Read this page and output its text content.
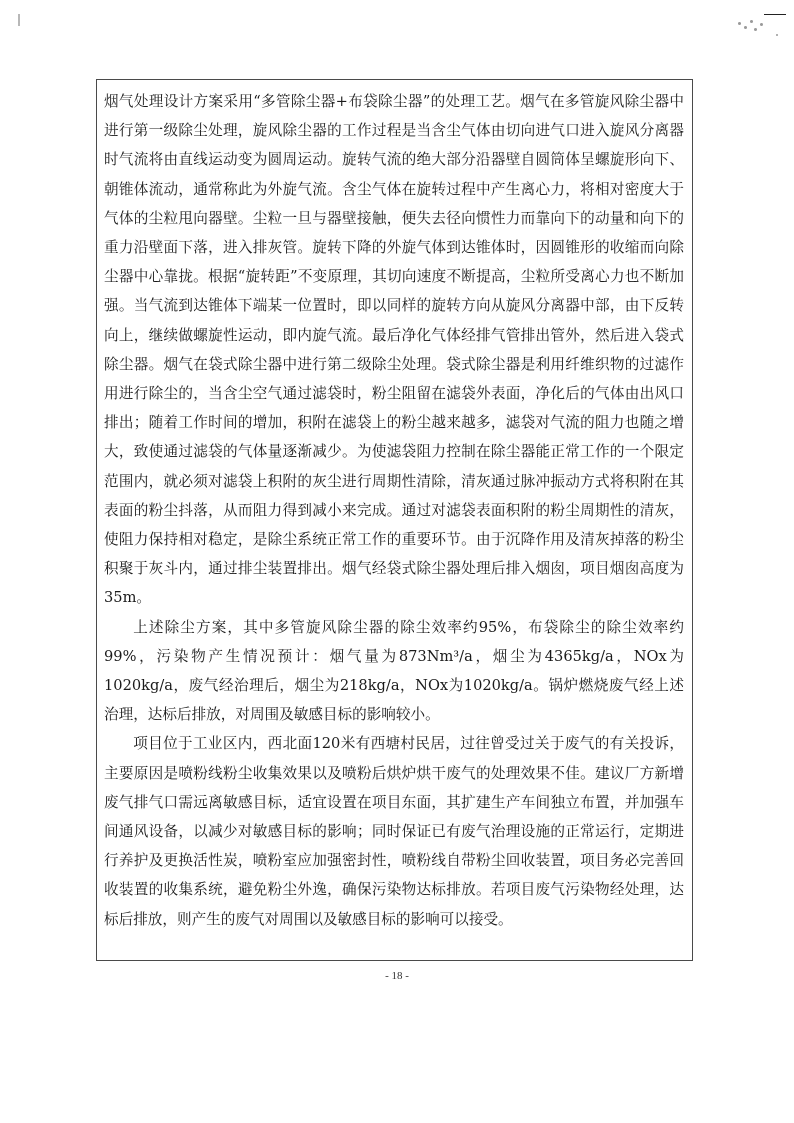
烟气处理设计方案采用“多管除尘器+布袋除尘器”的处理工艺。烟气在多管旋风除尘器中进行第一级除尘处理，旋风除尘器的工作过程是当含尘气体由切向进气口进入旋风分离器时气流将由直线运动变为圆周运动。旋转气流的绝大部分沿器壁自圆筒体呈螺旋形向下、朝锥体流动，通常称此为外旋气流。含尘气体在旋转过程中产生离心力，将相对密度大于气体的尘粒甩向器壁。尘粒一旦与器壁接触，便失去径向惯性力而靠向下的动量和向下的重力沿壁面下落，进入排灰管。旋转下降的外旋气体到达锥体时，因圆锥形的收缩而向除尘器中心靠拢。根据“旋转距”不变原理，其切向速度不断提高，尘粒所受离心力也不断加强。当气流到达锥体下端某一位置时，即以同样的旋转方向从旋风分离器中部，由下反转向上，继续做螺旋性运动，即内旋气流。最后净化气体经排气管排出管外，然后进入袋式除尘器。烟气在袋式除尘器中进行第二级除尘处理。袋式除尘器是利用纤维织物的过滤作用进行除尘的，当含尘空气通过滤袋时，粉尘阻留在滤袋外表面，净化后的气体由出风口排出；随着工作时间的增加，积附在滤袋上的粉尘越来越多，滤袋对气流的阻力也随之增大，致使通过滤袋的气体量逐渐减少。为使滤袋阻力控制在除尘器能正常工作的一个限定范围内，就必须对滤袋上积附的灰尘进行周期性清除，清灰通过脉冲振动方式将积附在其表面的粉尘抖落，从而阻力得到减小来完成。通过对滤袋表面积附的粉尘周期性的清灰，使阻力保持相对稳定，是除尘系统正常工作的重要环节。由于沉降作用及清灰掉落的粉尘积聚于灰斗内，通过排尘装置排出。烟气经袋式除尘器处理后排入烟囱，项目烟囱高度为35m。

上述除尘方案，其中多管旋风除尘器的除尘效率约95%，布袋除尘的除尘效率约99%，污染物产生情况预计：烟气量为873Nm³/a，烟尘为4365kg/a，NOx为1020kg/a，废气经治理后，烟尘为218kg/a，NOx为1020kg/a。锅炉燃烧废气经上述治理，达标后排放，对周围及敏感目标的影响较小。

项目位于工业区内，西北面120米有西塘村民居，过往曾受过关于废气的有关投诉，主要原因是喷粉线粉尘收集效果以及喷粉后烘炉烘干废气的处理效果不佳。建议厂方新增废气排气口需远离敏感目标，适宜设置在项目东面，其扩建生产车间独立布置，并加强车间通风设备，以减少对敏感目标的影响；同时保证已有废气治理设施的正常运行，定期进行养护及更换活性炭，喷粉室应加强密封性，喷粉线自带粉尘回收装置，项目务必完善回收装置的收集系统，避免粉尘外逸，确保污染物达标排放。若项目废气污染物经处理，达标后排放，则产生的废气对周围以及敏感目标的影响可以接受。

- 18 -
